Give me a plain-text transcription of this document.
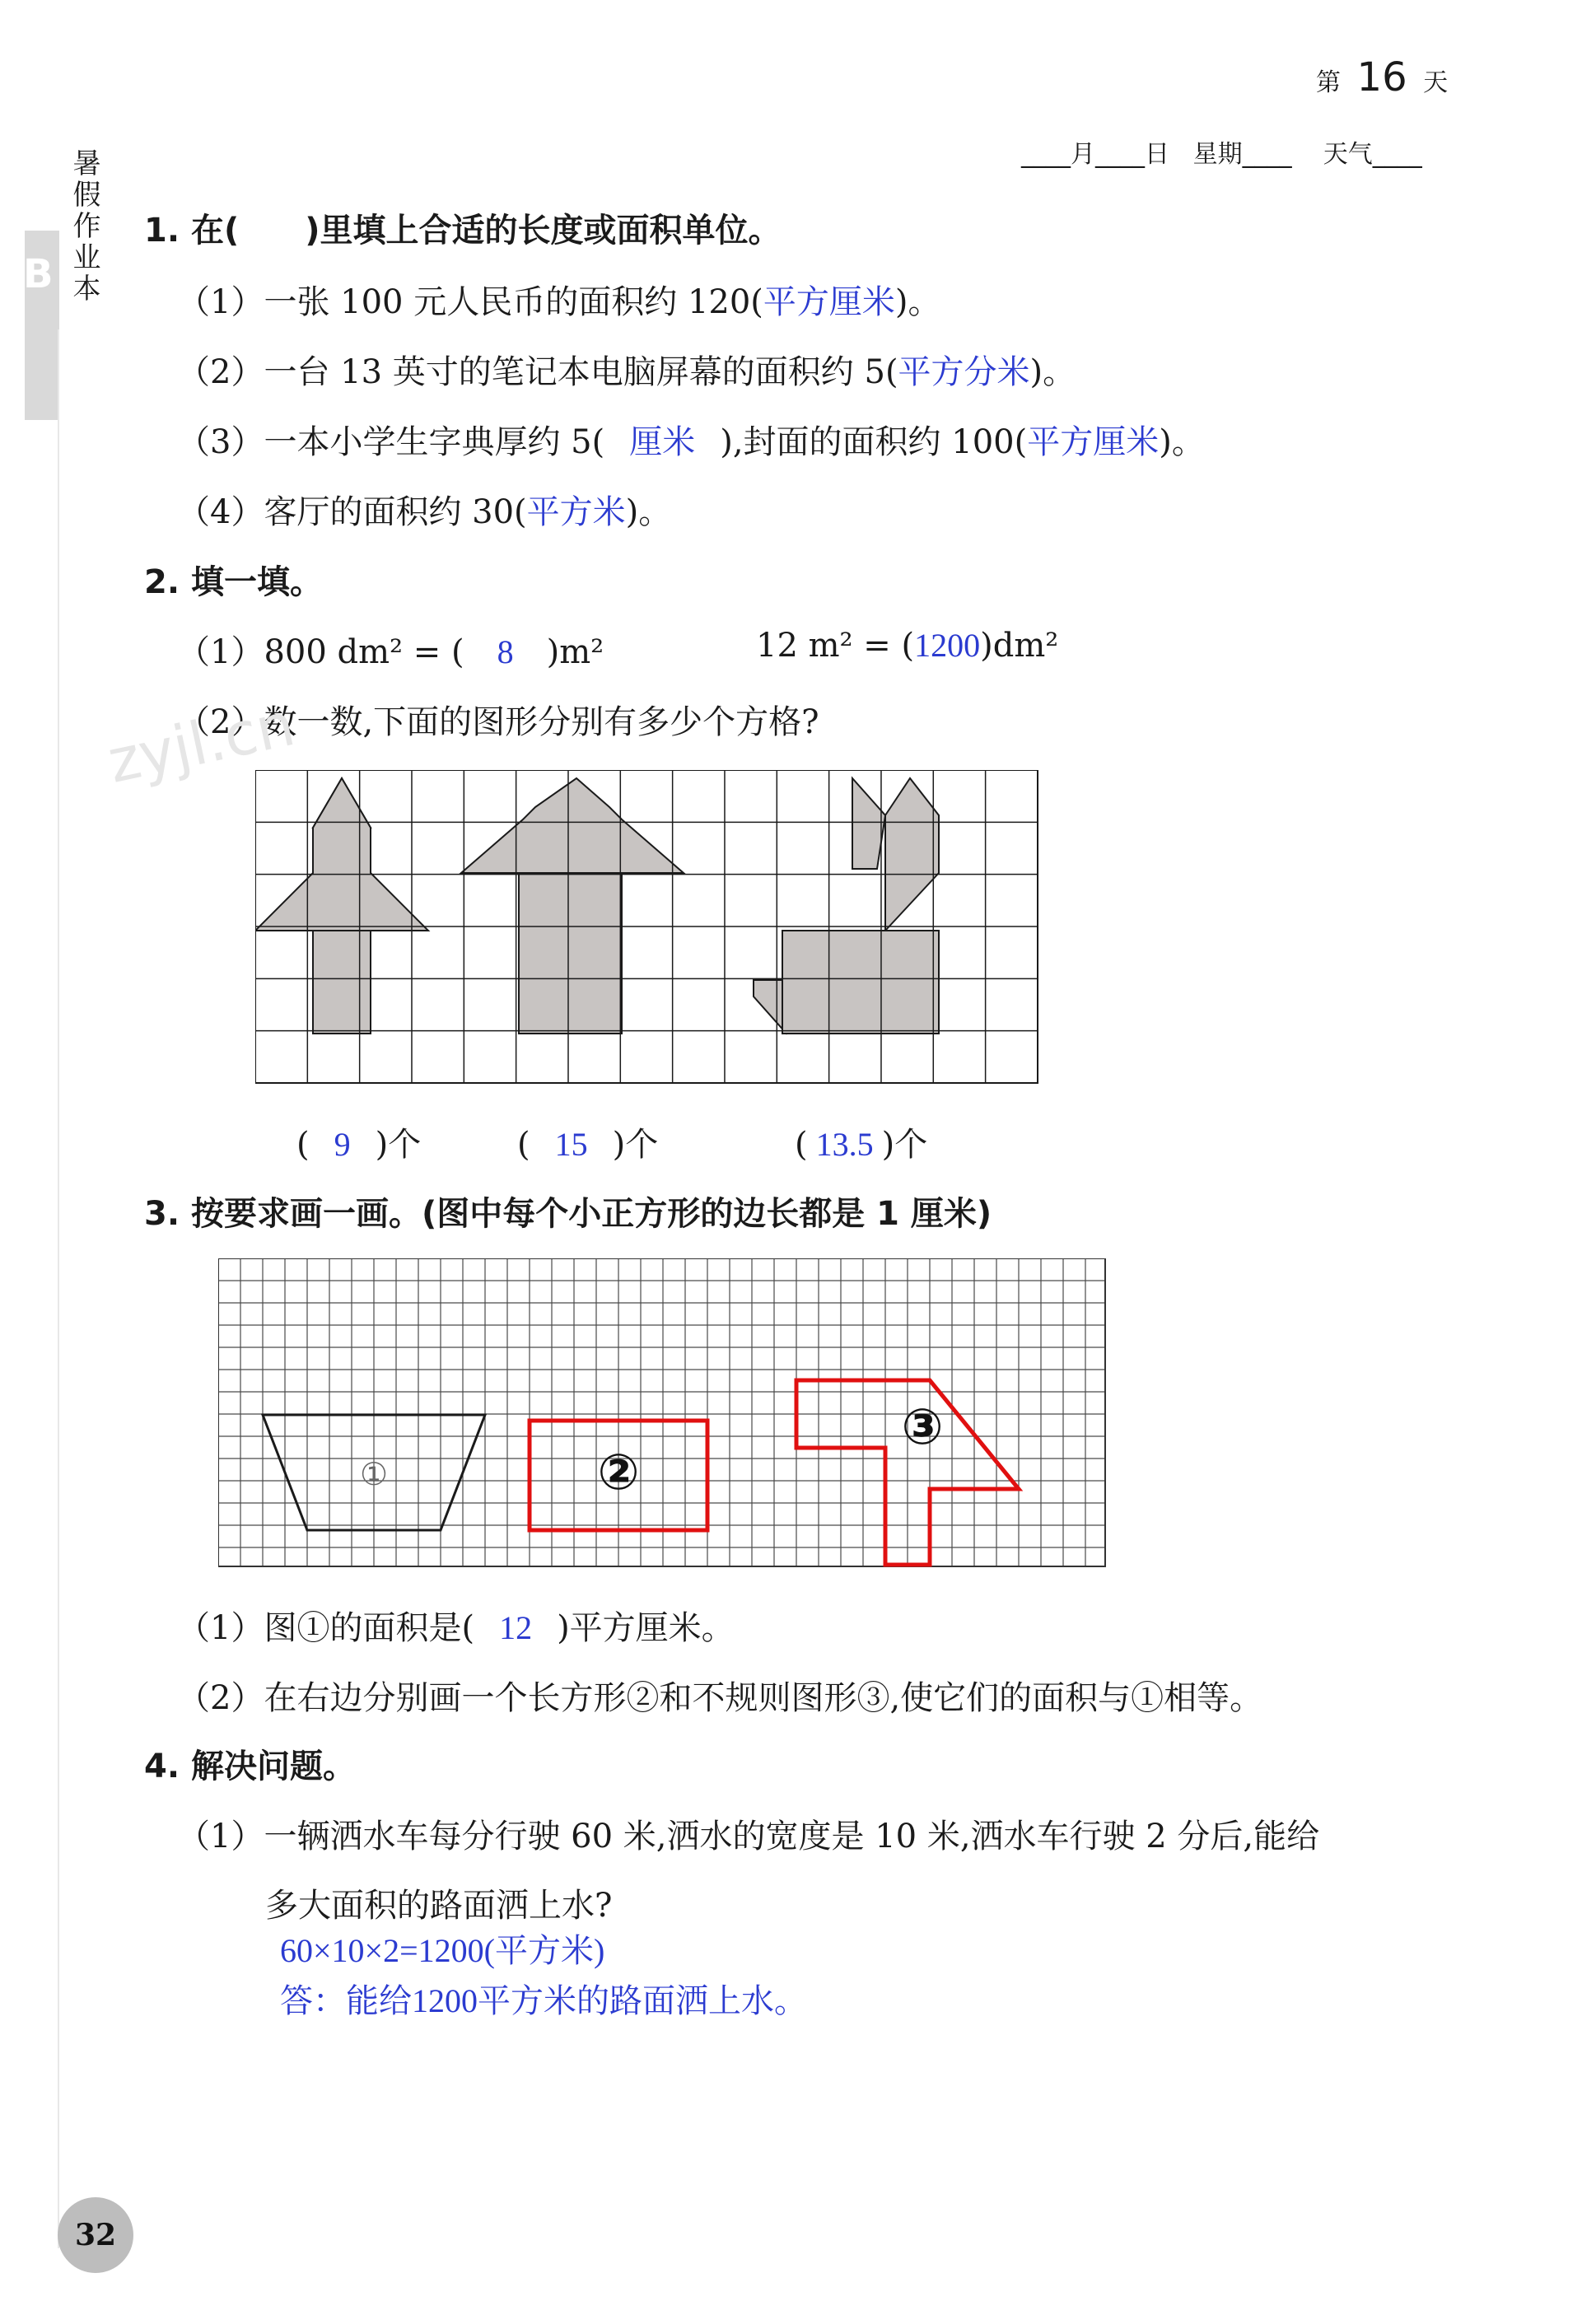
暑假作业本
B
第 16 天
____月____日   星期____    天气____
1. 在(　　)里填上合适的长度或面积单位。
（1）一张 100 元人民币的面积约 120(平方厘米)。
（2）一台 13 英寸的笔记本电脑屏幕的面积约 5(平方分米)。
（3）一本小学生字典厚约 5( 厘米 ),封面的面积约 100(平方厘米)。
（4）客厅的面积约 30(平方米)。
2. 填一填。
（1）800 dm² = ( 8 )m²	12 m² = (1200)dm²
（2）数一数,下面的图形分别有多少个方格?
zyjl.cn
( 9 )个	( 15 )个	( 13.5 )个
3. 按要求画一画。(图中每个小正方形的边长都是 1 厘米)
①	②
③
（1）图①的面积是( 12 )平方厘米。
（2）在右边分别画一个长方形②和不规则图形③,使它们的面积与①相等。
4. 解决问题。
（1）一辆洒水车每分行驶 60 米,洒水的宽度是 10 米,洒水车行驶 2 分后,能给
多大面积的路面洒上水?
60×10×2=1200(平方米)
答：能给1200平方米的路面洒上水。
32
